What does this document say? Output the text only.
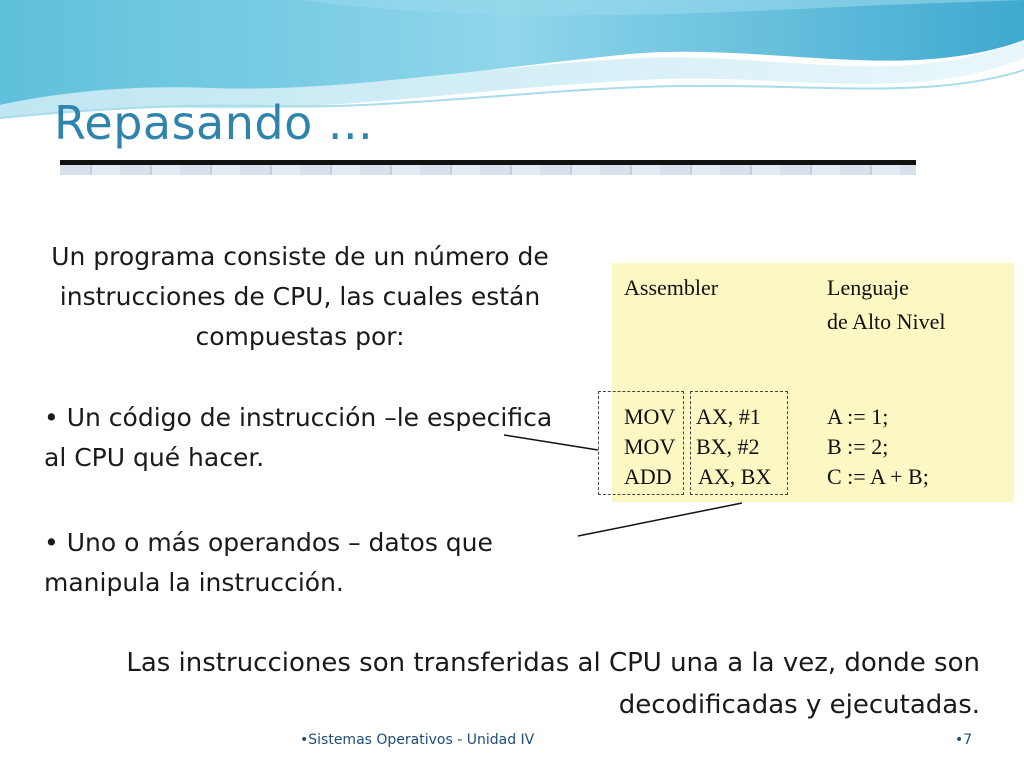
Repasando ...
Un programa consiste de un número de instrucciones de CPU, las cuales están compuestas por:
• Un código de instrucción –le especifica al CPU qué hacer.
• Uno o más operandos – datos que manipula la instrucción.
Assembler	Lenguaje
de Alto Nivel
MOV
MOV
ADD
AX, #1
BX, #2
AX, BX
A := 1;
B := 2;
C := A + B;
Las instrucciones son transferidas al CPU una a la vez, donde son decodificadas y ejecutadas.
•Sistemas Operativos - Unidad IV	•7
